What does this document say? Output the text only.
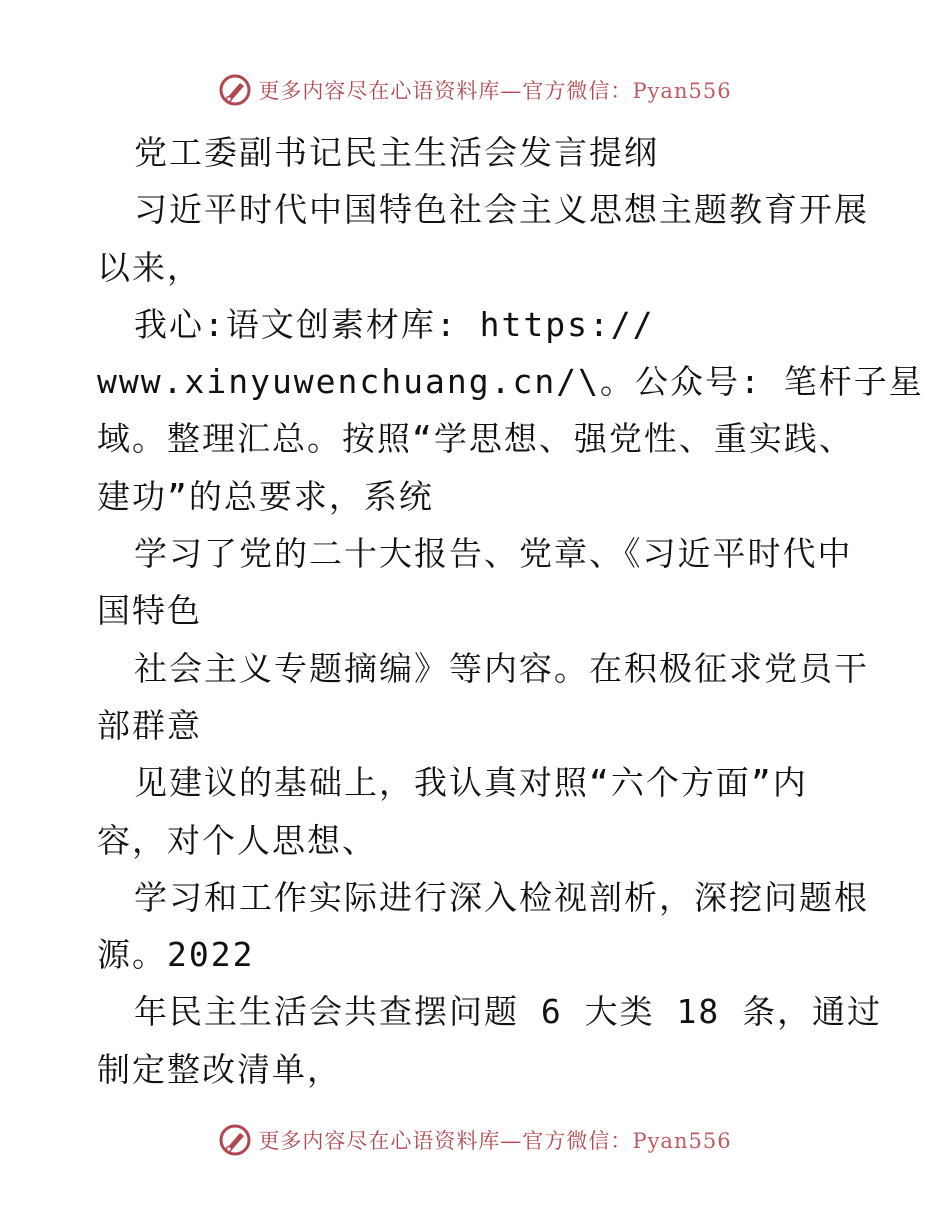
更多内容尽在心语资料库—官方微信：Pyan556
党工委副书记民主生活会发言提纲
习近平时代中国特色社会主义思想主题教育开展
以来，
我心:语文创素材库: https://
www.xinyuwenchuang.cn/\。公众号: 笔杆子星
域。整理汇总。按照“学思想、强党性、重实践、
建功”的总要求，系统
学习了党的二十大报告、党章、《习近平时代中
国特色
社会主义专题摘编》等内容。在积极征求党员干
部群意
见建议的基础上，我认真对照“六个方面”内
容，对个人思想、
学习和工作实际进行深入检视剖析，深挖问题根
源。2022
年民主生活会共查摆问题 6 大类 18 条，通过
制定整改清单，
更多内容尽在心语资料库—官方微信：Pyan556
